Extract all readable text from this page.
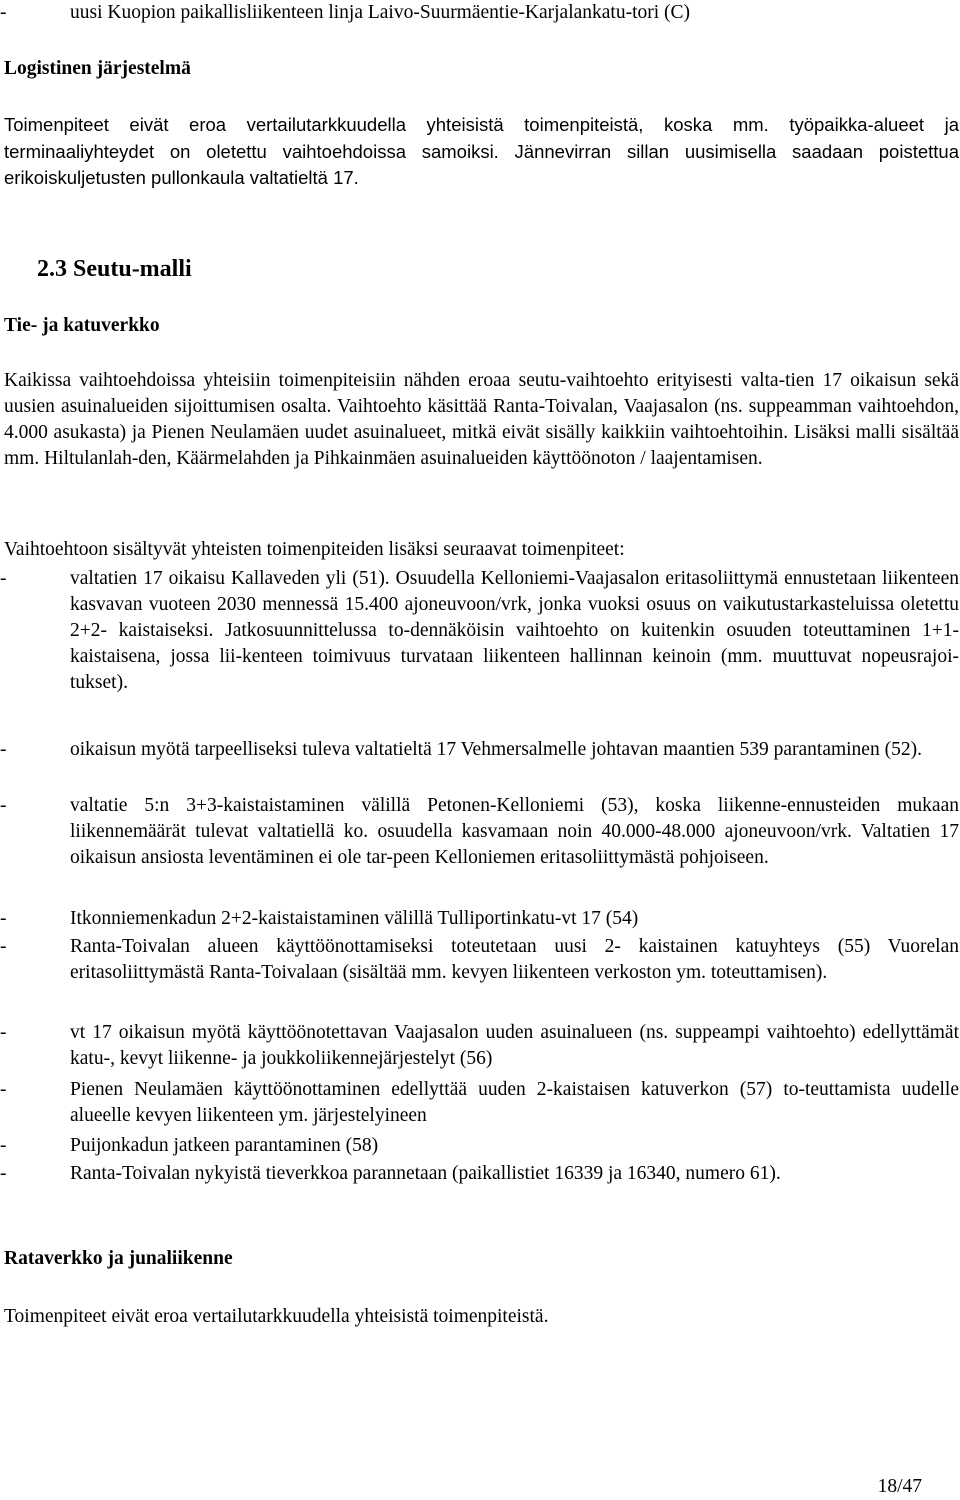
-	uusi Kuopion paikallisliikenteen linja Laivo-Suurmäentie-Karjalankatu-tori (C)
Logistinen järjestelmä
Toimenpiteet eivät eroa vertailutarkkuudella yhteisistä toimenpiteistä, koska mm. työpaikka-alueet ja terminaaliyhteydet on oletettu vaihtoehdoissa samoiksi. Jännevirran sillan uusimisella saadaan poistettua erikoiskuljetusten pullonkaula valtatieltä 17.
2.3 Seutu-malli
Tie- ja katuverkko
Kaikissa vaihtoehdoissa yhteisiin toimenpiteisiin nähden eroaa seutu-vaihtoehto erityisesti valta-tien 17 oikaisun sekä uusien asuinalueiden sijoittumisen osalta. Vaihtoehto käsittää Ranta-Toivalan, Vaajasalon (ns. suppeamman vaihtoehdon, 4.000 asukasta) ja Pienen Neulamäen uudet asuinalueet, mitkä eivät sisälly kaikkiin vaihtoehtoihin. Lisäksi malli sisältää mm. Hiltulanlah-den, Käärmelahden ja Pihkainmäen asuinalueiden käyttöönoton / laajentamisen.
Vaihtoehtoon sisältyvät yhteisten toimenpiteiden lisäksi seuraavat toimenpiteet:
-	valtatien 17 oikaisu Kallaveden yli (51). Osuudella Kelloniemi-Vaajasalon eritasoliittymä ennustetaan liikenteen kasvavan vuoteen 2030 mennessä 15.400 ajoneuvoon/vrk, jonka vuoksi osuus on vaikutustarkasteluissa oletettu 2+2- kaistaiseksi. Jatkosuunnittelussa to-dennäköisin vaihtoehto on kuitenkin osuuden toteuttaminen 1+1- kaistaisena, jossa lii-kenteen toimivuus turvataan liikenteen hallinnan keinoin (mm. muuttuvat nopeusrajoi-tukset).
-	oikaisun myötä tarpeelliseksi tuleva valtatieltä 17 Vehmersalmelle johtavan maantien 539 parantaminen (52).
-	valtatie 5:n 3+3-kaistaistaminen välillä Petonen-Kelloniemi (53), koska liikenne-ennusteiden mukaan liikennemäärät tulevat valtatiellä ko. osuudella kasvamaan noin 40.000-48.000 ajoneuvoon/vrk. Valtatien 17 oikaisun ansiosta leventäminen ei ole tar-peen Kelloniemen eritasoliittymästä pohjoiseen.
-	Itkonniemenkadun 2+2-kaistaistaminen välillä Tulliportinkatu-vt 17 (54)
-	Ranta-Toivalan alueen käyttöönottamiseksi toteutetaan uusi 2- kaistainen katuyhteys (55) Vuorelan eritasoliittymästä Ranta-Toivalaan (sisältää mm. kevyen liikenteen verkoston ym. toteuttamisen).
-	vt 17 oikaisun myötä käyttöönotettavan Vaajasalon uuden asuinalueen (ns. suppeampi vaihtoehto) edellyttämät katu-, kevyt liikenne- ja joukkoliikennejärjestelyt (56)
-	Pienen Neulamäen käyttöönottaminen edellyttää uuden 2-kaistaisen katuverkon (57) to-teuttamista uudelle alueelle kevyen liikenteen ym. järjestelyineen
-	Puijonkadun jatkeen parantaminen (58)
-	Ranta-Toivalan nykyistä tieverkkoa parannetaan (paikallistiet 16339 ja 16340, numero 61).
Rataverkko ja junaliikenne
Toimenpiteet eivät eroa vertailutarkkuudella yhteisistä toimenpiteistä.
18/47
